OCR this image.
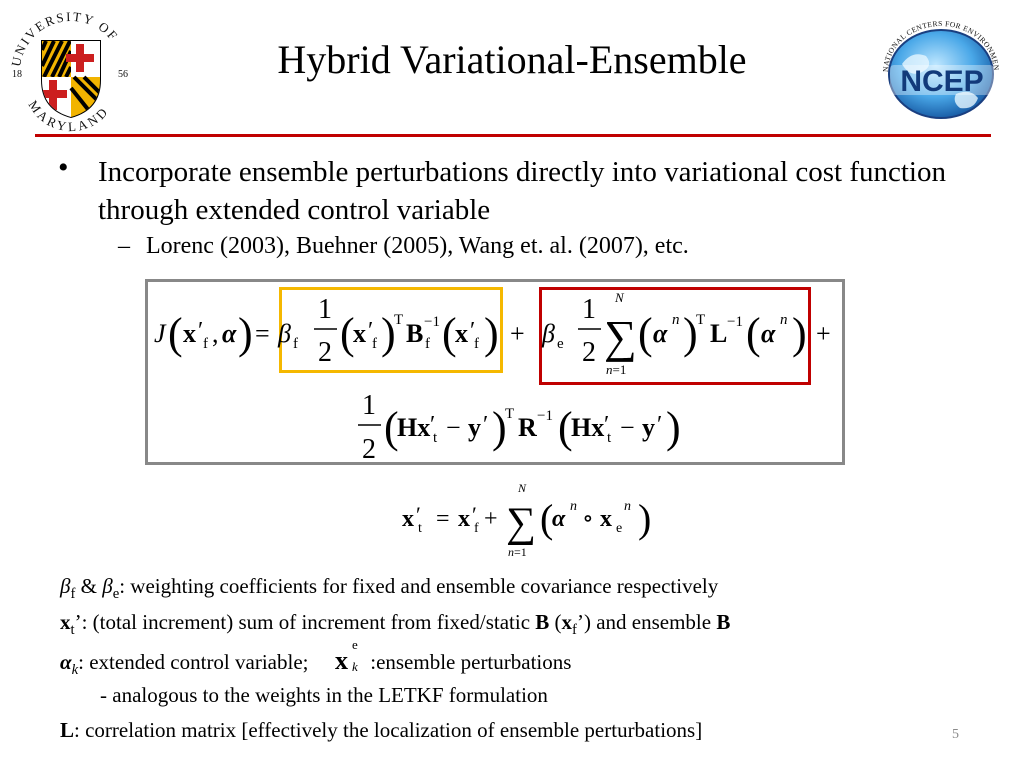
Hybrid Variational-Ensemble
UNIVERSITY OF
MARYLAND
18	56
NATIONAL CENTERS FOR ENVIRONMEN
NCEP
• Incorporate ensemble perturbations directly into variational cost function through extended control variable
– Lorenc (2003), Buehner (2005), Wang et. al. (2007), etc.
J ( x ′ f , α ) = β f
1
2 (
x ′
f )
T B −1
f (
x ′
f ) + β e
1
2
N
∑
n=1
( α n )
T L −1 ( α n ) +
1
2 (
Hx ′
t − y ′ )
T R −1 (
Hx ′
t − y ′ )
x ′
t = x ′
f +
N
∑
n=1
(
α n ∘ x e
n )
$\beta_f$ & $\beta_e$: weighting coefficients for fixed and ensemble covariance respectively
$x_t$’: (total increment) sum of increment from fixed/static B $(x_f’)$ and ensemble B
$\alpha_k$: extended control variable; x
e
k :ensemble perturbations
- analogous to the weights in the LETKF formulation
L: correlation matrix [effectively the localization of ensemble perturbations]	5
